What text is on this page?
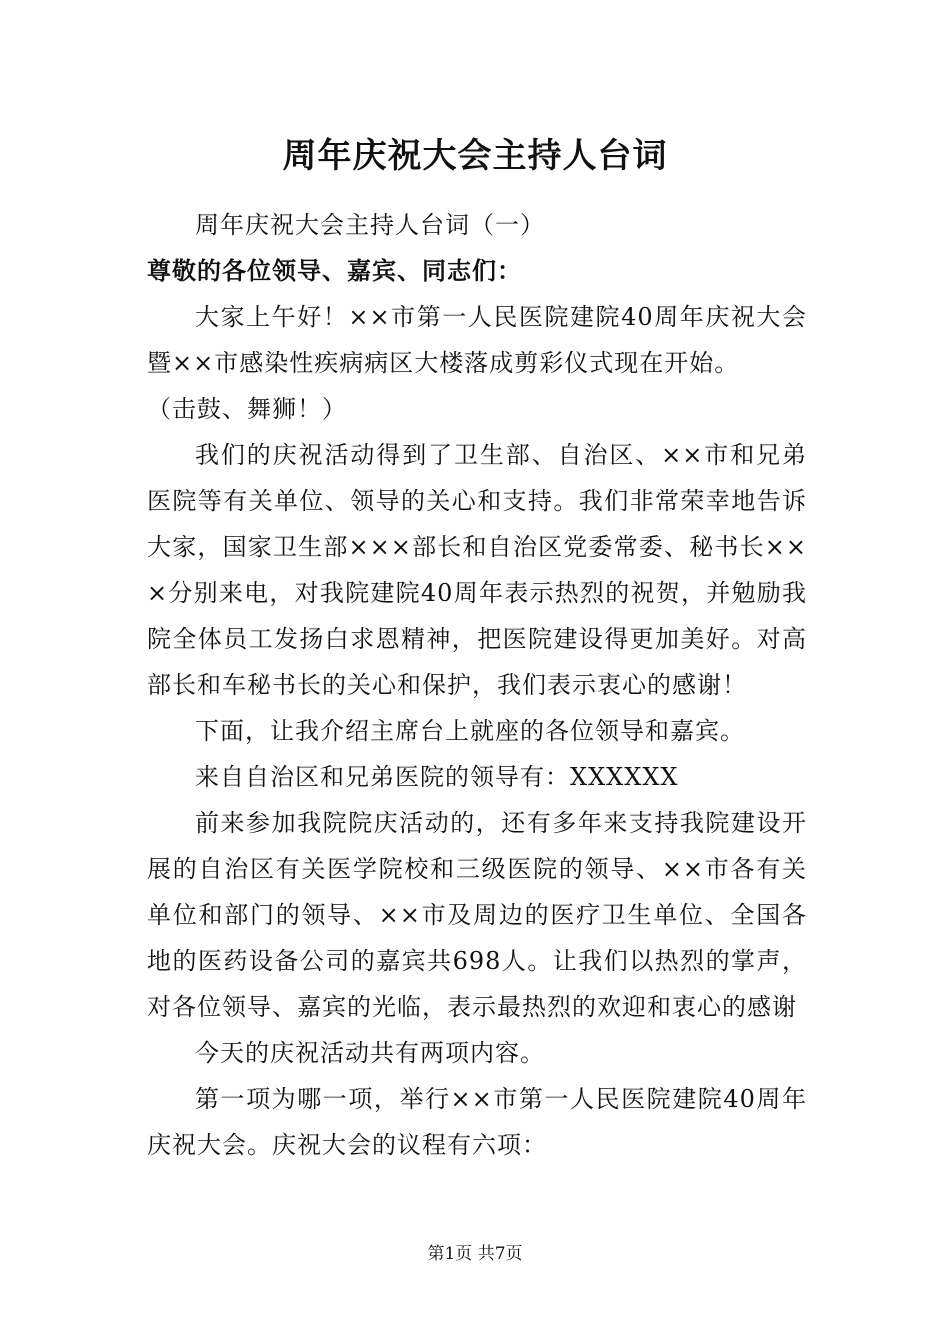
周年庆祝大会主持人台词

周年庆祝大会主持人台词（一）

尊敬的各位领导、嘉宾、同志们：

大家上午好！××市第一人民医院建院40周年庆祝大会暨××市感染性疾病病区大楼落成剪彩仪式现在开始。

（击鼓、舞狮！）

我们的庆祝活动得到了卫生部、自治区、××市和兄弟医院等有关单位、领导的关心和支持。我们非常荣幸地告诉大家，国家卫生部×××部长和自治区党委常委、秘书长×××分别来电，对我院建院40周年表示热烈的祝贺，并勉励我院全体员工发扬白求恩精神，把医院建设得更加美好。对高部长和车秘书长的关心和保护，我们表示衷心的感谢！

下面，让我介绍主席台上就座的各位领导和嘉宾。

来自自治区和兄弟医院的领导有：XXXXXX

前来参加我院院庆活动的，还有多年来支持我院建设开展的自治区有关医学院校和三级医院的领导、××市各有关单位和部门的领导、××市及周边的医疗卫生单位、全国各地的医药设备公司的嘉宾共698人。让我们以热烈的掌声，对各位领导、嘉宾的光临，表示最热烈的欢迎和衷心的感谢

今天的庆祝活动共有两项内容。

第一项为哪一项，举行××市第一人民医院建院40周年庆祝大会。庆祝大会的议程有六项：

第1页 共7页
